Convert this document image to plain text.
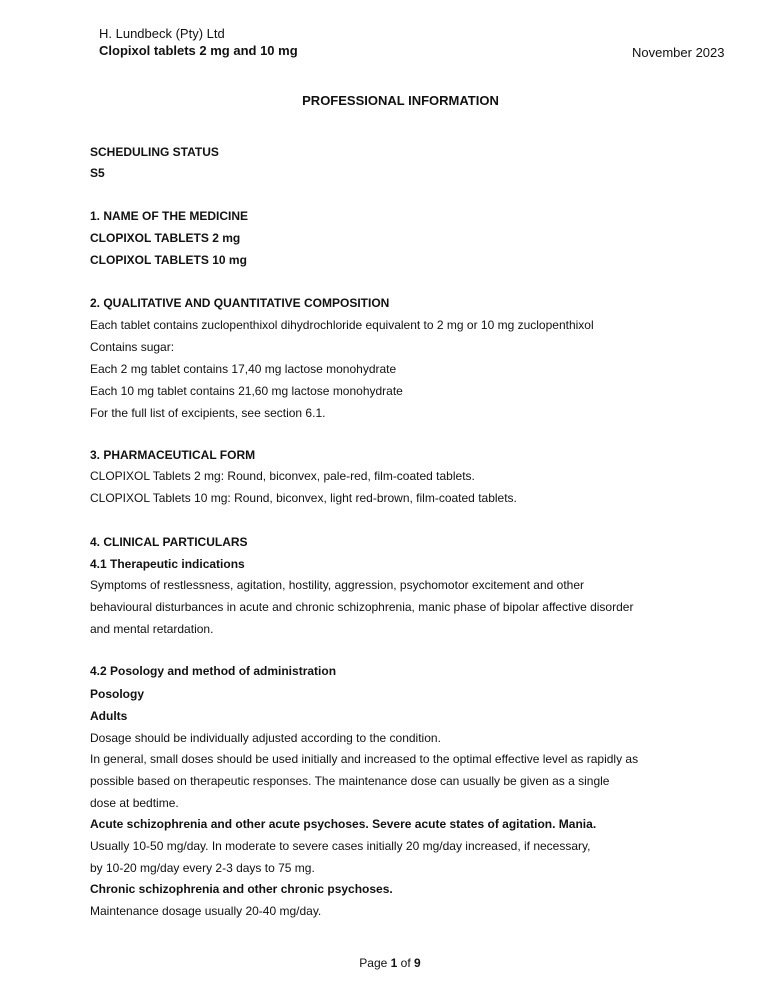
H. Lundbeck (Pty) Ltd
Clopixol tablets 2 mg and 10 mg	November 2023
PROFESSIONAL INFORMATION
SCHEDULING STATUS
S5
1. NAME OF THE MEDICINE
CLOPIXOL TABLETS 2 mg
CLOPIXOL TABLETS 10 mg
2. QUALITATIVE AND QUANTITATIVE COMPOSITION
Each tablet contains zuclopenthixol dihydrochloride equivalent to 2 mg or 10 mg zuclopenthixol
Contains sugar:
Each 2 mg tablet contains 17,40 mg lactose monohydrate
Each 10 mg tablet contains 21,60 mg lactose monohydrate
For the full list of excipients, see section 6.1.
3. PHARMACEUTICAL FORM
CLOPIXOL Tablets 2 mg: Round, biconvex, pale-red, film-coated tablets.
CLOPIXOL Tablets 10 mg: Round, biconvex, light red-brown, film-coated tablets.
4. CLINICAL PARTICULARS
4.1 Therapeutic indications
Symptoms of restlessness, agitation, hostility, aggression, psychomotor excitement and other
behavioural disturbances in acute and chronic schizophrenia, manic phase of bipolar affective disorder
and mental retardation.
4.2 Posology and method of administration
Posology
Adults
Dosage should be individually adjusted according to the condition.
In general, small doses should be used initially and increased to the optimal effective level as rapidly as
possible based on therapeutic responses. The maintenance dose can usually be given as a single
dose at bedtime.
Acute schizophrenia and other acute psychoses. Severe acute states of agitation. Mania.
Usually 10-50 mg/day. In moderate to severe cases initially 20 mg/day increased, if necessary,
by 10-20 mg/day every 2-3 days to 75 mg.
Chronic schizophrenia and other chronic psychoses.
Maintenance dosage usually 20-40 mg/day.
Page 1 of 9
